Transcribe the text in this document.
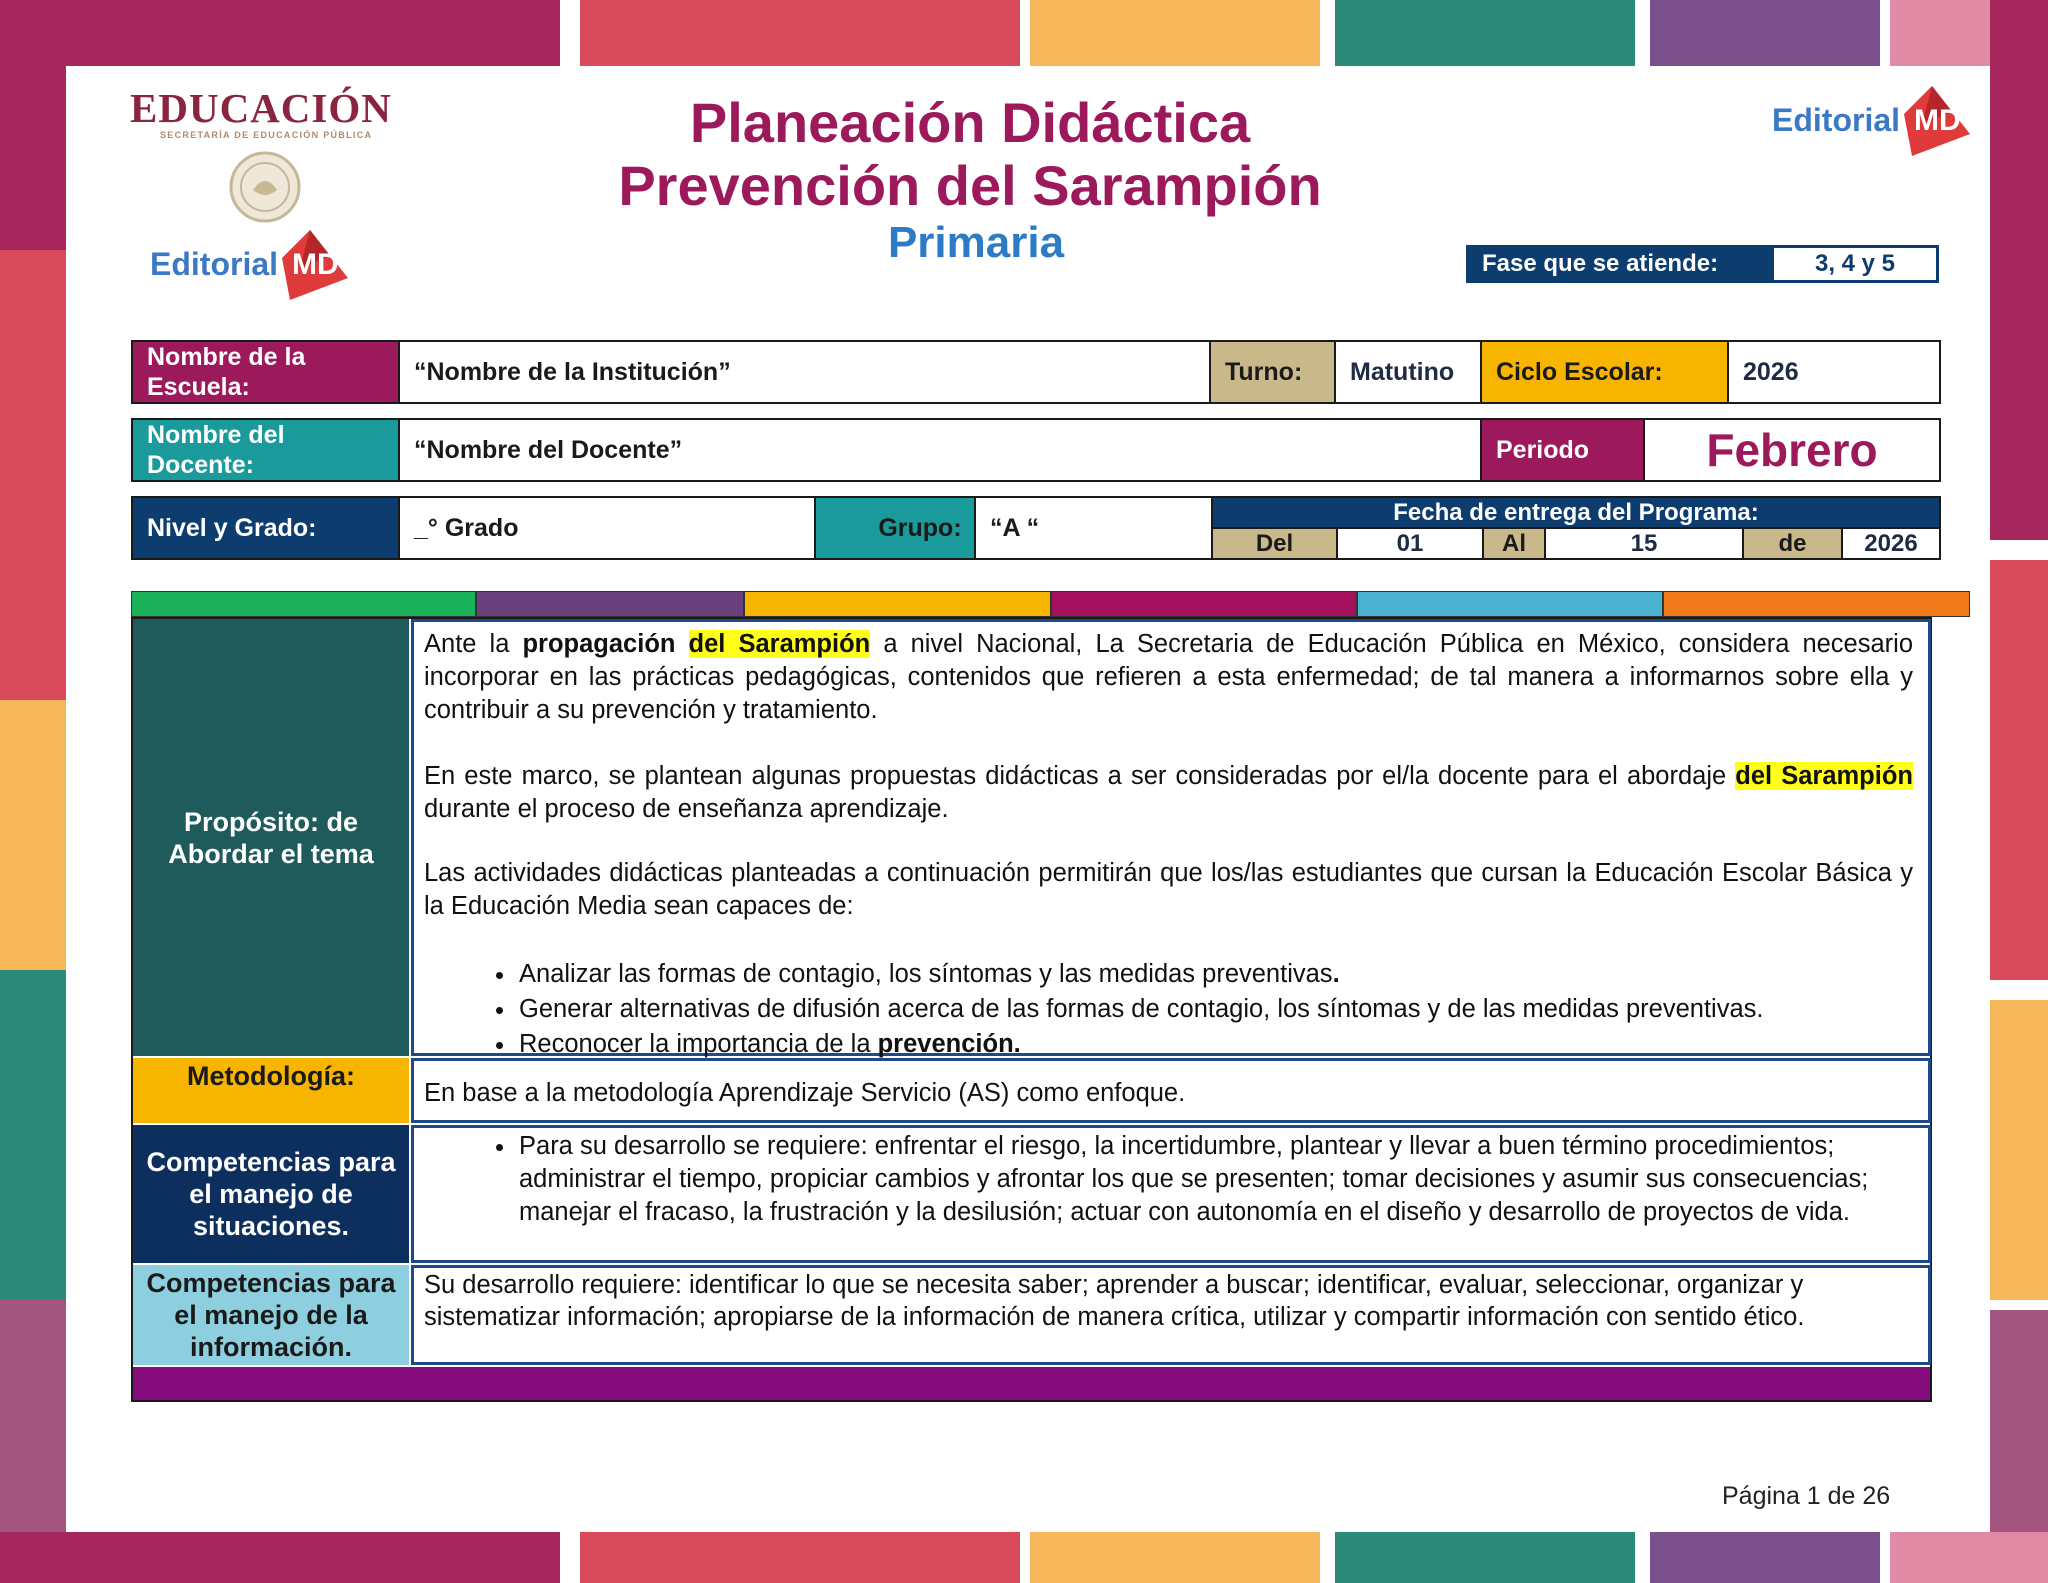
EDUCACIÓN
SECRETARÍA DE EDUCACIÓN PÚBLICA
Editorial MD
Editorial MD
Planeación Didáctica
Prevención del Sarampión
Primaria	Fase que se atiende:	3, 4 y 5
Nombre de la Escuela:
“Nombre de la Institución”	Turno:	Matutino	Ciclo Escolar:	2026
Nombre del Docente:
“Nombre del Docente”	Periodo	Febrero
Nivel y Grado:	_° Grado	Grupo:	“A “
Fecha de entrega del Programa:
Del	01	Al	15	de 2026
Propósito: de Abordar el tema

Ante la propagación del Sarampión a nivel Nacional, La Secretaria de Educación Pública en México, considera necesario incorporar en las prácticas pedagógicas, contenidos que refieren a esta enfermedad; de tal manera a informarnos sobre ella y contribuir a su prevención y tratamiento.

En este marco, se plantean algunas propuestas didácticas a ser consideradas por el/la docente para el abordaje del Sarampión durante el proceso de enseñanza aprendizaje.

Las actividades didácticas planteadas a continuación permitirán que los/las estudiantes que cursan la Educación Escolar Básica y la Educación Media sean capaces de:

• Analizar las formas de contagio, los síntomas y las medidas preventivas.
• Generar alternativas de difusión acerca de las formas de contagio, los síntomas y de las medidas preventivas.
• Reconocer la importancia de la prevención.
Metodología:

En base a la metodología Aprendizaje Servicio (AS) como enfoque.

Competencias para el manejo de situaciones.
• Para su desarrollo se requiere: enfrentar el riesgo, la incertidumbre, plantear y llevar a buen término procedimientos; administrar el tiempo, propiciar cambios y afrontar los que se presenten; tomar decisiones y asumir sus consecuencias; manejar el fracaso, la frustración y la desilusión; actuar con autonomía en el diseño y desarrollo de proyectos de vida.
Competencias para el manejo de la información.

Su desarrollo requiere: identificar lo que se necesita saber; aprender a buscar; identificar, evaluar, seleccionar, organizar y sistematizar información; apropiarse de la información de manera crítica, utilizar y compartir información con sentido ético.

Página 1 de 26
